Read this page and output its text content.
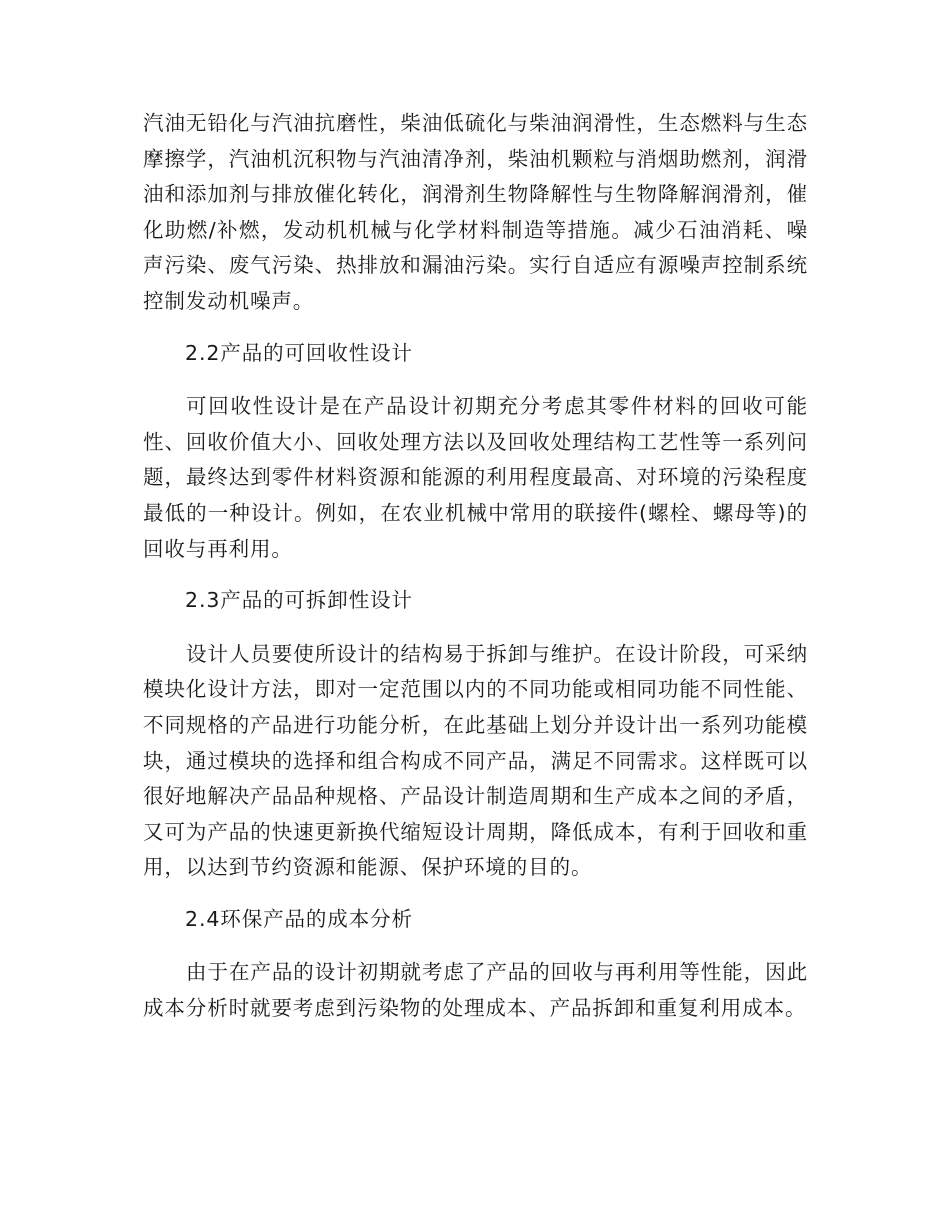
汽油无铅化与汽油抗磨性，柴油低硫化与柴油润滑性，生态燃料与生态摩擦学，汽油机沉积物与汽油清净剂，柴油机颗粒与消烟助燃剂，润滑油和添加剂与排放催化转化，润滑剂生物降解性与生物降解润滑剂，催化助燃/补燃，发动机机械与化学材料制造等措施。减少石油消耗、噪声污染、废气污染、热排放和漏油污染。实行自适应有源噪声控制系统控制发动机噪声。

2.2产品的可回收性设计

可回收性设计是在产品设计初期充分考虑其零件材料的回收可能性、回收价值大小、回收处理方法以及回收处理结构工艺性等一系列问题，最终达到零件材料资源和能源的利用程度最高、对环境的污染程度最低的一种设计。例如，在农业机械中常用的联接件(螺栓、螺母等)的回收与再利用。

2.3产品的可拆卸性设计

设计人员要使所设计的结构易于拆卸与维护。在设计阶段，可采纳模块化设计方法，即对一定范围以内的不同功能或相同功能不同性能、不同规格的产品进行功能分析，在此基础上划分并设计出一系列功能模块，通过模块的选择和组合构成不同产品，满足不同需求。这样既可以很好地解决产品品种规格、产品设计制造周期和生产成本之间的矛盾，又可为产品的快速更新换代缩短设计周期，降低成本，有利于回收和重用，以达到节约资源和能源、保护环境的目的。

2.4环保产品的成本分析

由于在产品的设计初期就考虑了产品的回收与再利用等性能，因此成本分析时就要考虑到污染物的处理成本、产品拆卸和重复利用成本。
